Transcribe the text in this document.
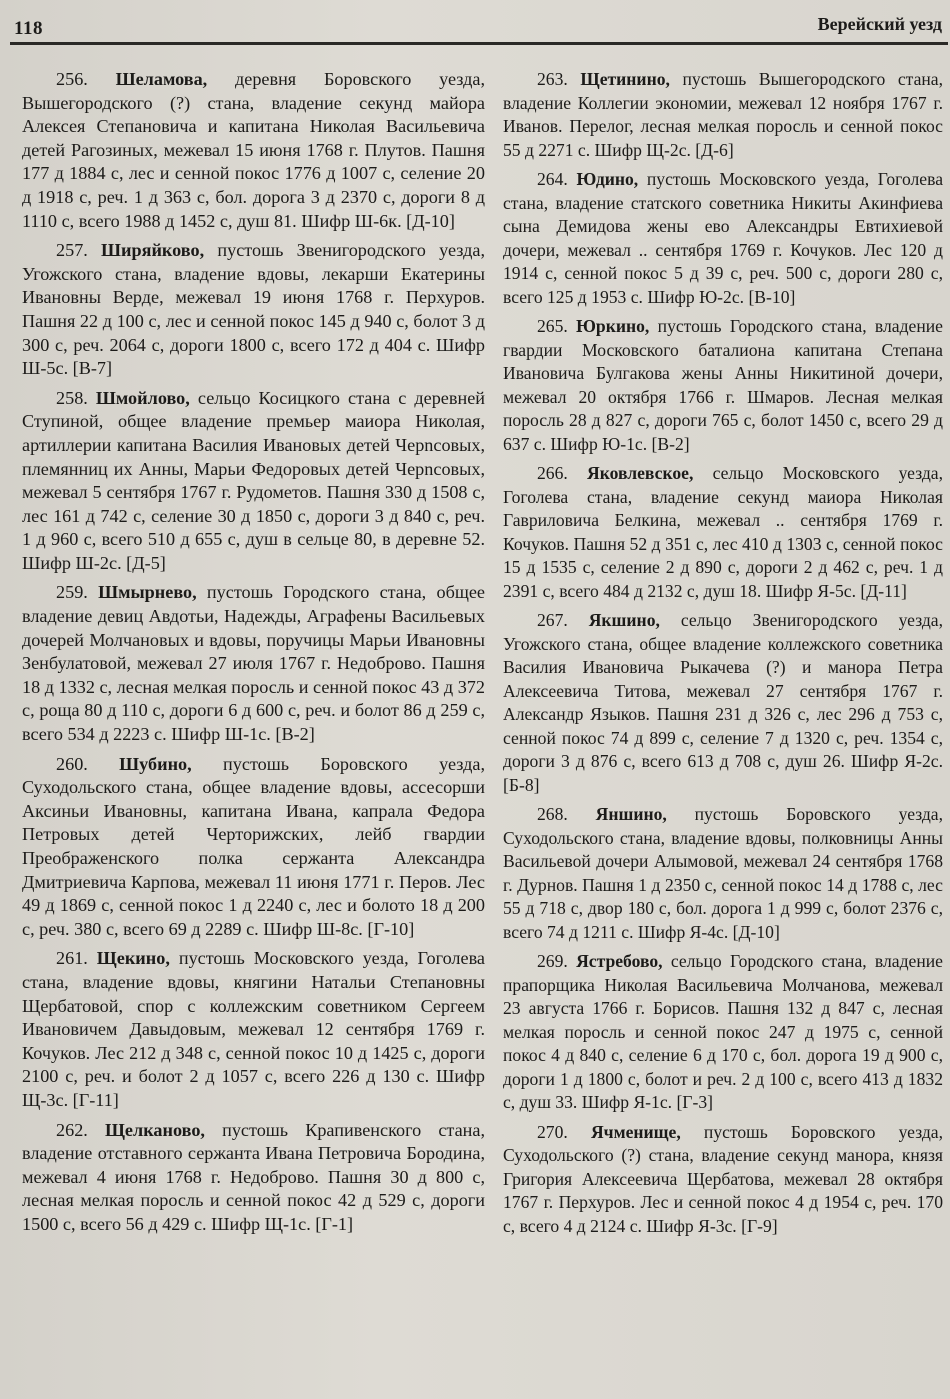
118	Верейский уезд

256. Шеламова, деревня Боровского уезда, Вышегородского (?) стана, владение секунд майора Алексея Степановича и капитана Николая Васильевича детей Рагозиных, межевал 15 июня 1768 г. Плутов. Пашня 177 д 1884 с, лес и сенной покос 1776 д 1007 с, селение 20 д 1918 с, реч. 1 д 363 с, бол. дорога 3 д 2370 с, дороги 8 д 1110 с, всего 1988 д 1452 с, душ 81. Шифр Ш-6к. [Д-10]

257. Ширяйково, пустошь Звенигородского уезда, Угожского стана, владение вдовы, лекарши Екатерины Ивановны Верде, межевал 19 июня 1768 г. Перхуров. Пашня 22 д 100 с, лес и сенной покос 145 д 940 с, болот 3 д 300 с, реч. 2064 с, дороги 1800 с, всего 172 д 404 с. Шифр Ш-5с. [В-7]

258. Шмойлово, сельцо Косицкого стана с деревней Ступиной, общее владение премьер маиора Николая, артиллерии капитана Василия Ивановых детей Черncовых, племянниц их Анны, Марьи Федоровых детей Черncовых, межевал 5 сентября 1767 г. Рудометов. Пашня 330 д 1508 с, лес 161 д 742 с, селение 30 д 1850 с, дороги 3 д 840 с, реч. 1 д 960 с, всего 510 д 655 с, душ в сельце 80, в деревне 52. Шифр Ш-2с. [Д-5]

259. Шмырнево, пустошь Городского стана, общее владение девиц Авдотьи, Надежды, Аграфены Васильевых дочерей Молчановых и вдовы, поручицы Марьи Ивановны Зенбулатовой, межевал 27 июля 1767 г. Недоброво. Пашня 18 д 1332 с, лесная мелкая поросль и сенной покос 43 д 372 с, роща 80 д 110 с, дороги 6 д 600 с, реч. и болот 86 д 259 с, всего 534 д 2223 с. Шифр Ш-1с. [В-2]

260. Шубино, пустошь Боровского уезда, Суходольского стана, общее владение вдовы, ассесорши Аксиньи Ивановны, капитана Ивана, капрала Федора Петровых детей Черторижских, лейб гвардии Преображенского полка сержанта Александра Дмитриевича Карпова, межевал 11 июня 1771 г. Перов. Лес 49 д 1869 с, сенной покос 1 д 2240 с, лес и болото 18 д 200 с, реч. 380 с, всего 69 д 2289 с. Шифр Ш-8с. [Г-10]

261. Щекино, пустошь Московского уезда, Гоголева стана, владение вдовы, княгини Натальи Степановны Щербатовой, спор с коллежским советником Сергеем Ивановичем Давыдовым, межевал 12 сентября 1769 г. Кочуков. Лес 212 д 348 с, сенной покос 10 д 1425 с, дороги 2100 с, реч. и болот 2 д 1057 с, всего 226 д 130 с. Шифр Щ-3с. [Г-11]

262. Щелканово, пустошь Крапивенского стана, владение отставного сержанта Ивана Петровича Бородина, межевал 4 июня 1768 г. Недоброво. Пашня 30 д 800 с, лесная мелкая поросль и сенной покос 42 д 529 с, дороги 1500 с, всего 56 д 429 с. Шифр Щ-1с. [Г-1]

263. Щетинино, пустошь Вышегородского стана, владение Коллегии экономии, межевал 12 ноября 1767 г. Иванов. Перелог, лесная мелкая поросль и сенной покос 55 д 2271 с. Шифр Щ-2с. [Д-6]

264. Юдино, пустошь Московского уезда, Гоголева стана, владение статского советника Никиты Акинфиева сына Демидова жены ево Александры Евтихиевой дочери, межевал .. сентября 1769 г. Кочуков. Лес 120 д 1914 с, сенной покос 5 д 39 с, реч. 500 с, дороги 280 с, всего 125 д 1953 с. Шифр Ю-2с. [В-10]

265. Юркино, пустошь Городского стана, владение гвардии Московского баталиона капитана Степана Ивановича Булгакова жены Анны Никитиной дочери, межевал 20 октября 1766 г. Шмаров. Лесная мелкая поросль 28 д 827 с, дороги 765 с, болот 1450 с, всего 29 д 637 с. Шифр Ю-1с. [В-2]

266. Яковлевское, сельцо Московского уезда, Гоголева стана, владение секунд маиора Николая Гавриловича Белкина, межевал .. сентября 1769 г. Кочуков. Пашня 52 д 351 с, лес 410 д 1303 с, сенной покос 15 д 1535 с, селение 2 д 890 с, дороги 2 д 462 с, реч. 1 д 2391 с, всего 484 д 2132 с, душ 18. Шифр Я-5с. [Д-11]

267. Якшино, сельцо Звенигородского уезда, Угожского стана, общее владение коллежского советника Василия Ивановича Рыкачева (?) и манора Петра Алексеевича Титова, межевал 27 сентября 1767 г. Александр Языков. Пашня 231 д 326 с, лес 296 д 753 с, сенной покос 74 д 899 с, селение 7 д 1320 с, реч. 1354 с, дороги 3 д 876 с, всего 613 д 708 с, душ 26. Шифр Я-2с. [Б-8]

268. Яншино, пустошь Боровского уезда, Суходольского стана, владение вдовы, полковницы Анны Васильевой дочери Алымовой, межевал 24 сентября 1768 г. Дурнов. Пашня 1 д 2350 с, сенной покос 14 д 1788 с, лес 55 д 718 с, двор 180 с, бол. дорога 1 д 999 с, болот 2376 с, всего 74 д 1211 с. Шифр Я-4с. [Д-10]

269. Ястребово, сельцо Городского стана, владение прапорщика Николая Васильевича Молчанова, межевал 23 августа 1766 г. Борисов. Пашня 132 д 847 с, лесная мелкая поросль и сенной покос 247 д 1975 с, сенной покос 4 д 840 с, селение 6 д 170 с, бол. дорога 19 д 900 с, дороги 1 д 1800 с, болот и реч. 2 д 100 с, всего 413 д 1832 с, душ 33. Шифр Я-1с. [Г-3]

270. Ячменище, пустошь Боровского уезда, Суходольского (?) стана, владение секунд манора, князя Григория Алексеевича Щербатова, межевал 28 октября 1767 г. Перхуров. Лес и сенной покос 4 д 1954 с, реч. 170 с, всего 4 д 2124 с. Шифр Я-3с. [Г-9]
